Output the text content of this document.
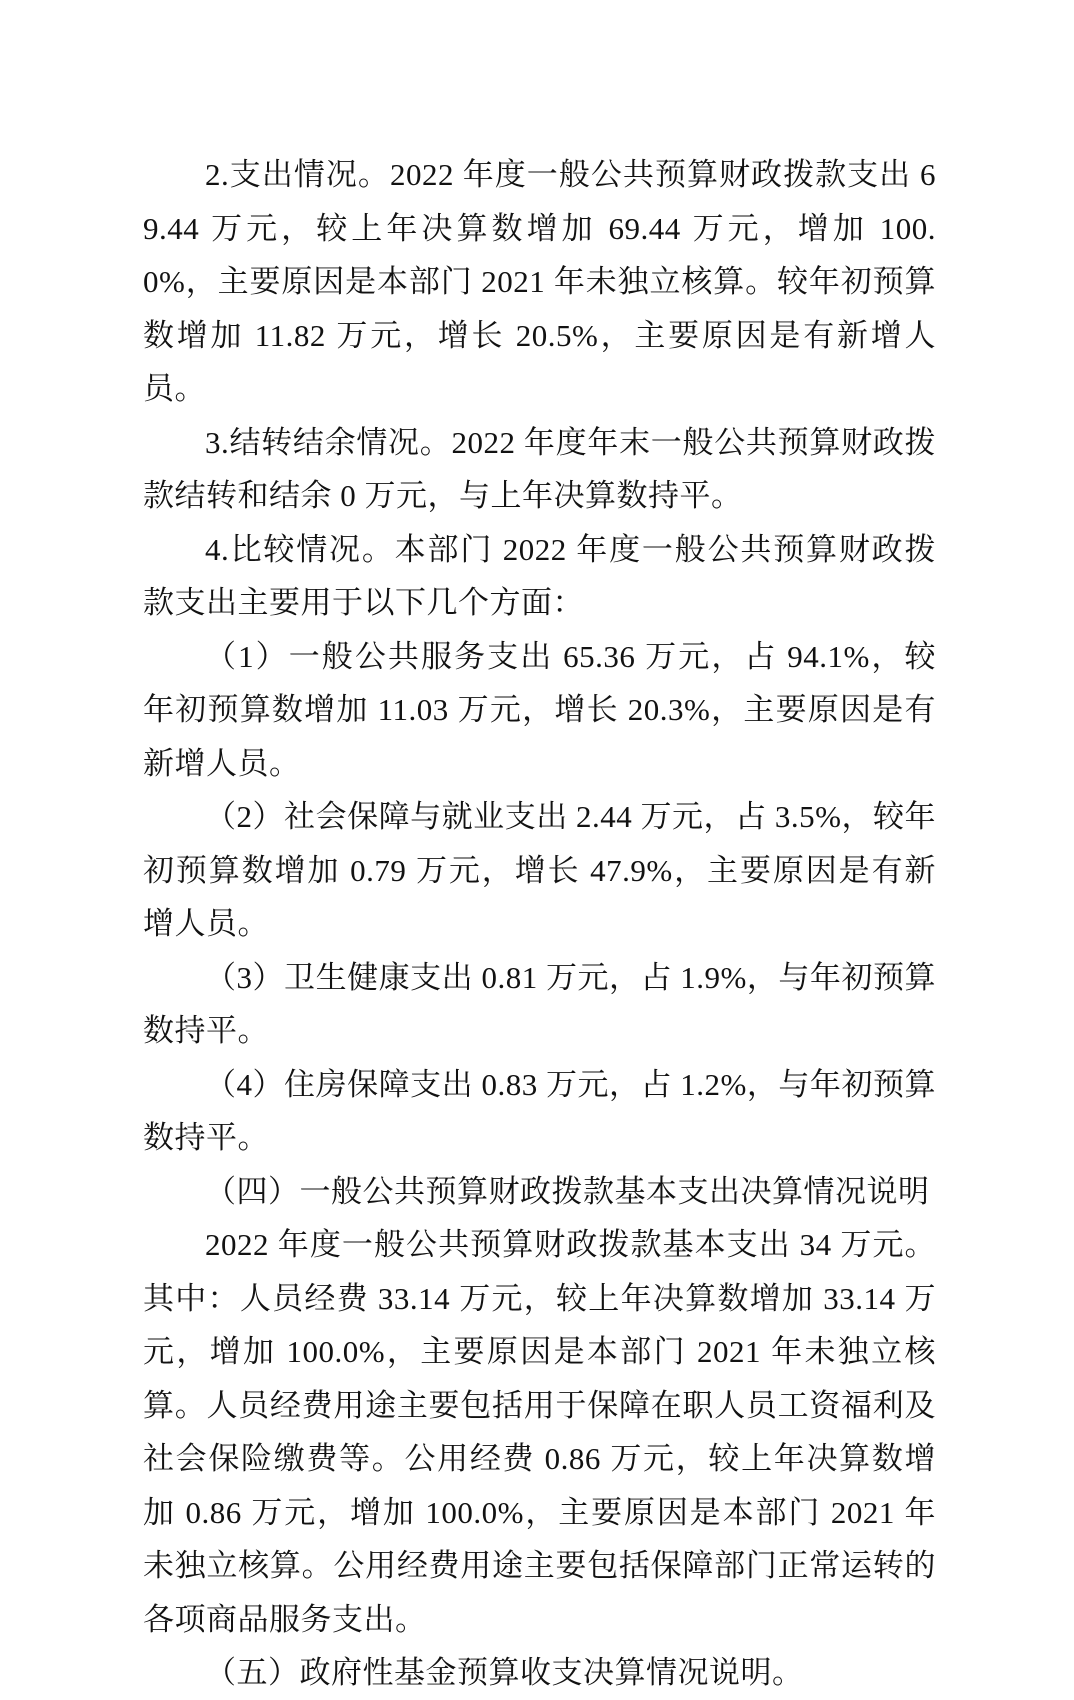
2.支出情况。2022 年度一般公共预算财政拨款支出 69.44 万元，较上年决算数增加 69.44 万元，增加 100.0%，主要原因是本部门 2021 年未独立核算。较年初预算数增加 11.82 万元，增长 20.5%，主要原因是有新增人员。

3.结转结余情况。2022 年度年末一般公共预算财政拨款结转和结余 0 万元，与上年决算数持平。

4.比较情况。本部门 2022 年度一般公共预算财政拨款支出主要用于以下几个方面：

（1）一般公共服务支出 65.36 万元，占 94.1%，较年初预算数增加 11.03 万元，增长 20.3%，主要原因是有新增人员。

（2）社会保障与就业支出 2.44 万元，占 3.5%，较年初预算数增加 0.79 万元，增长 47.9%，主要原因是有新增人员。

（3）卫生健康支出 0.81 万元，占 1.9%，与年初预算数持平。

（4）住房保障支出 0.83 万元，占 1.2%，与年初预算数持平。

（四）一般公共预算财政拨款基本支出决算情况说明

2022 年度一般公共预算财政拨款基本支出 34 万元。其中：人员经费 33.14 万元，较上年决算数增加 33.14 万元，增加 100.0%，主要原因是本部门 2021 年未独立核算。人员经费用途主要包括用于保障在职人员工资福利及社会保险缴费等。公用经费 0.86 万元，较上年决算数增加 0.86 万元，增加 100.0%，主要原因是本部门 2021 年未独立核算。公用经费用途主要包括保障部门正常运转的各项商品服务支出。

（五）政府性基金预算收支决算情况说明。
